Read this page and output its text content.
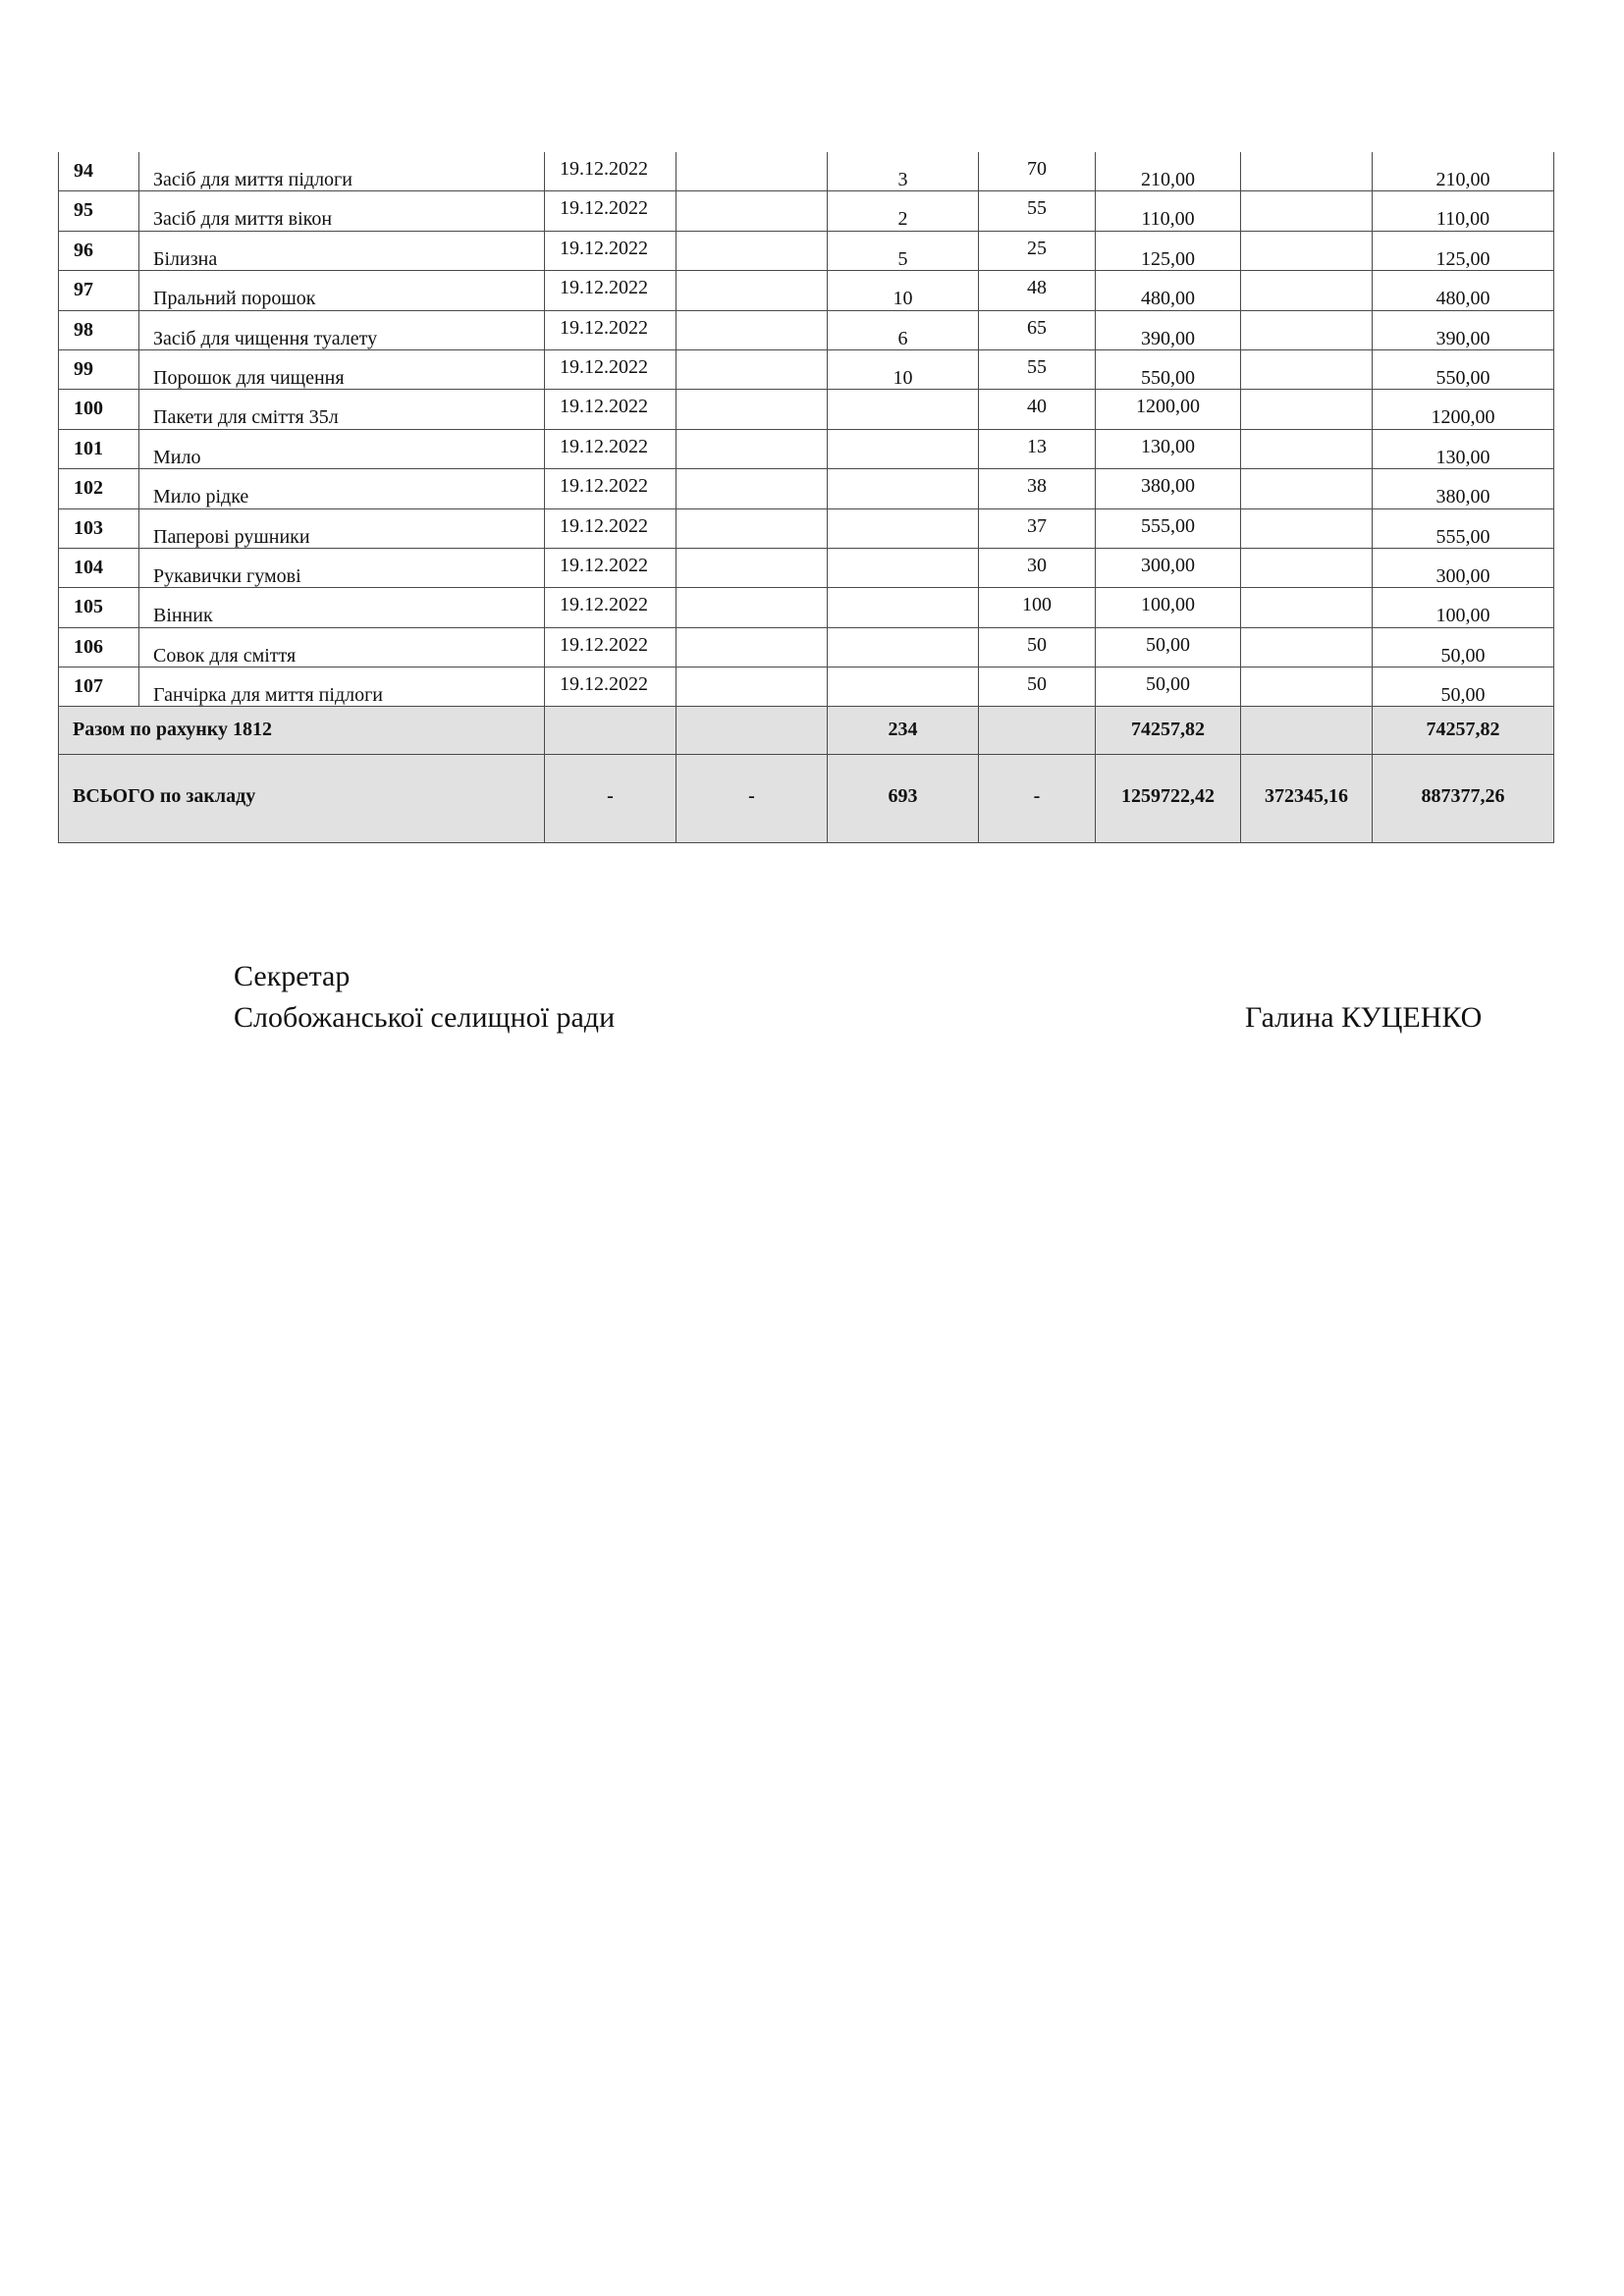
94	Засіб для миття підлоги	19.12.2022		3	70	210,00		210,00

95	Засіб для миття вікон	19.12.2022		2	55	110,00		110,00

96	Білизна	19.12.2022		5	25	125,00		125,00

97	Пральний порошок	19.12.2022		10	48	480,00		480,00

98	Засіб для чищення туалету	19.12.2022		6	65	390,00		390,00

99	Порошок для чищення	19.12.2022		10	55	550,00		550,00

100	Пакети для сміття 35л	19.12.2022			40	1200,00		1200,00

101	Мило	19.12.2022			13	130,00		130,00

102	Мило рідке	19.12.2022			38	380,00		380,00

103	Паперові рушники	19.12.2022			37	555,00		555,00

104	Рукавички гумові	19.12.2022			30	300,00		300,00

105	Вінник	19.12.2022			100	100,00		100,00

106	Совок для сміття	19.12.2022			50	50,00		50,00

107	Ганчірка для миття підлоги	19.12.2022			50	50,00		50,00

Разом по рахунку 1812				234		74257,82		74257,82

ВСЬОГО по закладу		-	-	693	-	1259722,42	372345,16	887377,26
Секретар
Слобожанської селищної ради	Галина КУЦЕНКО
